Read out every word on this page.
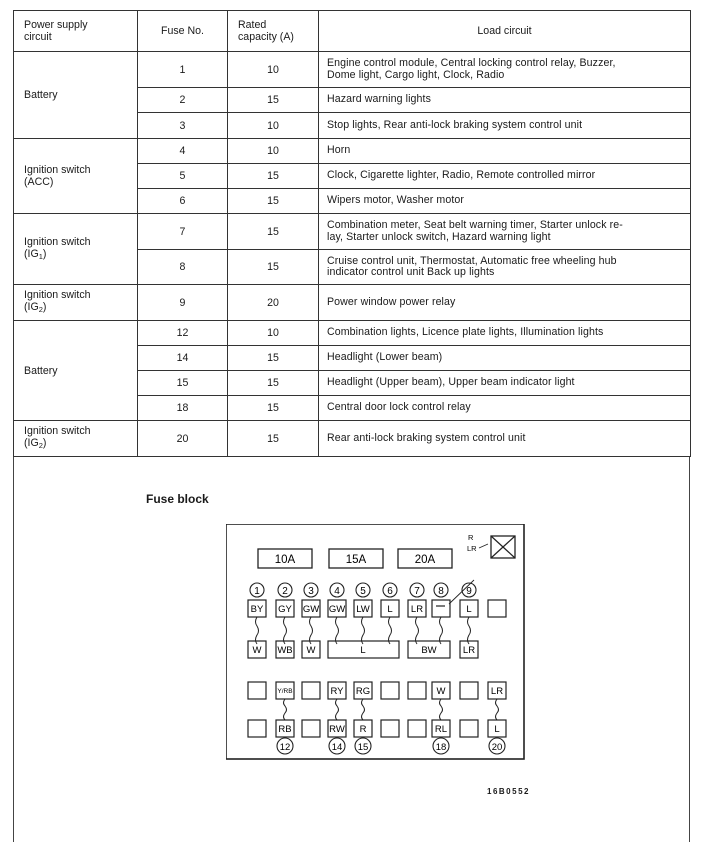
Power supply
circuit	Fuse No.	Rated
capacity (A)	Load circuit
Battery	1	10	Engine control module, Central locking control relay, Buzzer,
Dome light, Cargo light, Clock, Radio
	2	15	Hazard warning lights
	3	10	Stop lights, Rear anti-lock braking system control unit
Ignition switch
(ACC)	4	10	Horn
	5	15	Clock, Cigarette lighter, Radio, Remote controlled mirror
	6	15	Wipers motor, Washer motor
Ignition switch
$(IG_1)$	7	15	Combination meter, Seat belt warning timer, Starter unlock re-
lay, Starter unlock switch, Hazard warning light
	8	15	Cruise control unit, Thermostat, Automatic free wheeling hub
indicator control unit Back up lights
Ignition switch
$(IG_2)$	9	20	Power window power relay
Battery	12	10	Combination lights, Licence plate lights, Illumination lights
	14	15	Headlight (Lower beam)
	15	15	Headlight (Upper beam), Upper beam indicator light
	18	15	Central door lock control relay
Ignition switch
$(IG_2)$	20	15	Rear anti-lock braking system control unit
Fuse block
10A	15A	20A
R
LR
1 2 3 4 5 6 7 8 9
BY GY GW GW LW L LR	L
W WB W	L	BW	LR
Y/RB	RY RG	W	LR
RB	RW R	RL	L
12	14 15	18	20
16B0552
